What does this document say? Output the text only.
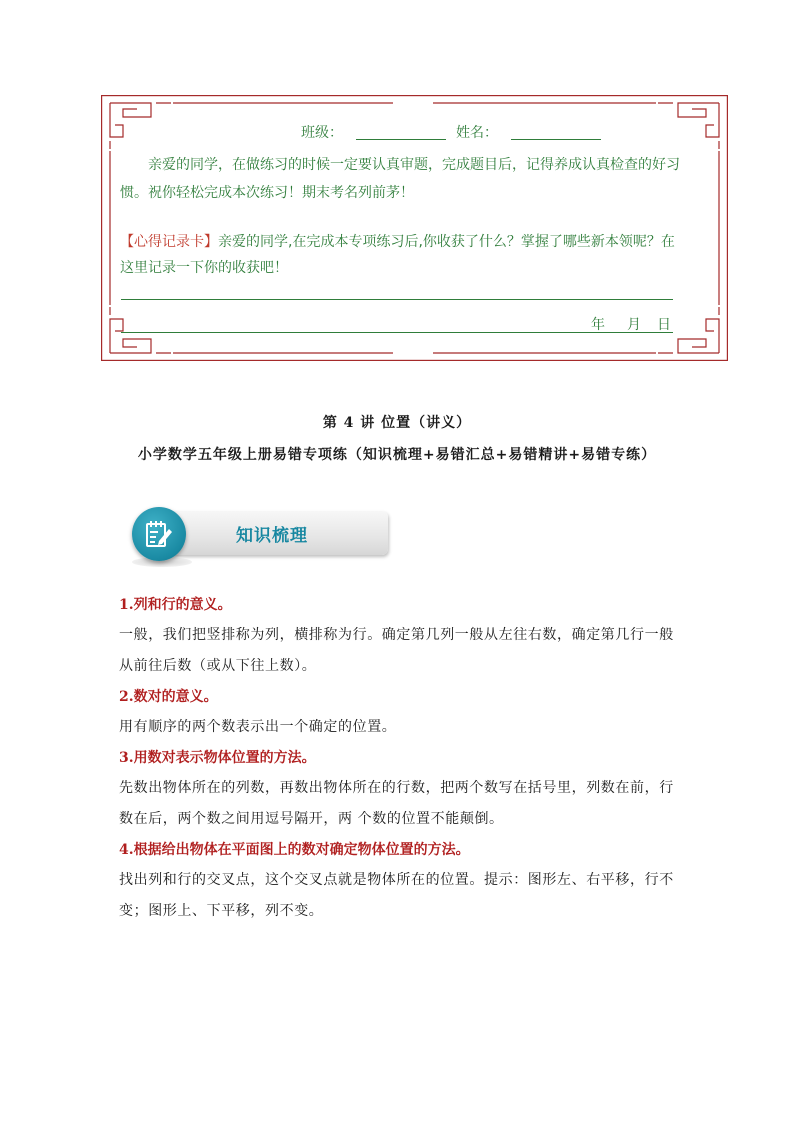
班级：	姓名：
亲爱的同学，在做练习的时候一定要认真审题，完成题目后，记得养成认真检查的好习惯。祝你轻松完成本次练习！期末考名列前茅！
【心得记录卡】亲爱的同学,在完成本专项练习后,你收获了什么？掌握了哪些新本领呢？在这里记录一下你的收获吧！
年 月 日
第 4 讲 位置（讲义）
小学数学五年级上册易错专项练（知识梳理+易错汇总+易错精讲+易错专练）
知识梳理
1.列和行的意义。
一般，我们把竖排称为列，横排称为行。确定第几列一般从左往右数，确定第几行一般从前往后数（或从下往上数）。
2.数对的意义。
用有顺序的两个数表示出一个确定的位置。
3.用数对表示物体位置的方法。
先数出物体所在的列数，再数出物体所在的行数，把两个数写在括号里，列数在前，行数在后，两个数之间用逗号隔开，两 个数的位置不能颠倒。
4.根据给出物体在平面图上的数对确定物体位置的方法。
找出列和行的交叉点，这个交叉点就是物体所在的位置。提示：图形左、右平移，行不变；图形上、下平移，列不变。
